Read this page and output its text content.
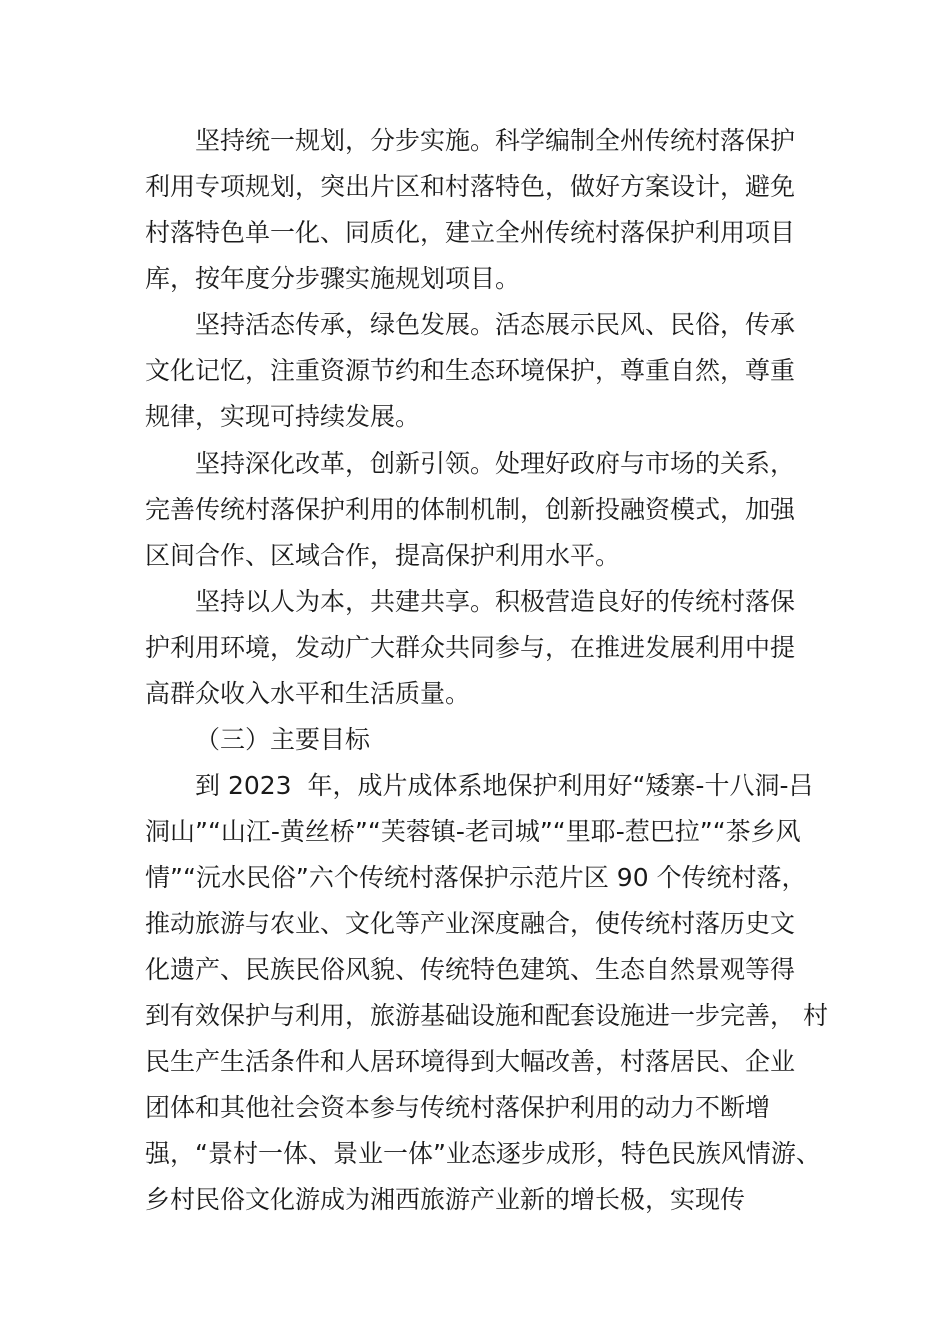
坚持统一规划，分步实施。科学编制全州传统村落保护
利用专项规划，突出片区和村落特色，做好方案设计，避免
村落特色单一化、同质化，建立全州传统村落保护利用项目
库，按年度分步骤实施规划项目。
坚持活态传承，绿色发展。活态展示民风、民俗，传承
文化记忆，注重资源节约和生态环境保护，尊重自然，尊重
规律，实现可持续发展。
坚持深化改革，创新引领。处理好政府与市场的关系，
完善传统村落保护利用的体制机制，创新投融资模式，加强
区间合作、区域合作，提高保护利用水平。
坚持以人为本，共建共享。积极营造良好的传统村落保
护利用环境，发动广大群众共同参与，在推进发展利用中提
高群众收入水平和生活质量。
（三）主要目标
到 2023  年，成片成体系地保护利用好“矮寨-十八洞-吕
洞山”“山江-黄丝桥”“芙蓉镇-老司城”“里耶-惹巴拉”“茶乡风
情”“沅水民俗”六个传统村落保护示范片区 90 个传统村落，
推动旅游与农业、文化等产业深度融合，使传统村落历史文
化遗产、民族民俗风貌、传统特色建筑、生态自然景观等得
到有效保护与利用，旅游基础设施和配套设施进一步完善， 村
民生产生活条件和人居环境得到大幅改善，村落居民、企业
团体和其他社会资本参与传统村落保护利用的动力不断增
强，“景村一体、景业一体”业态逐步成形，特色民族风情游、
乡村民俗文化游成为湘西旅游产业新的增长极，实现传
